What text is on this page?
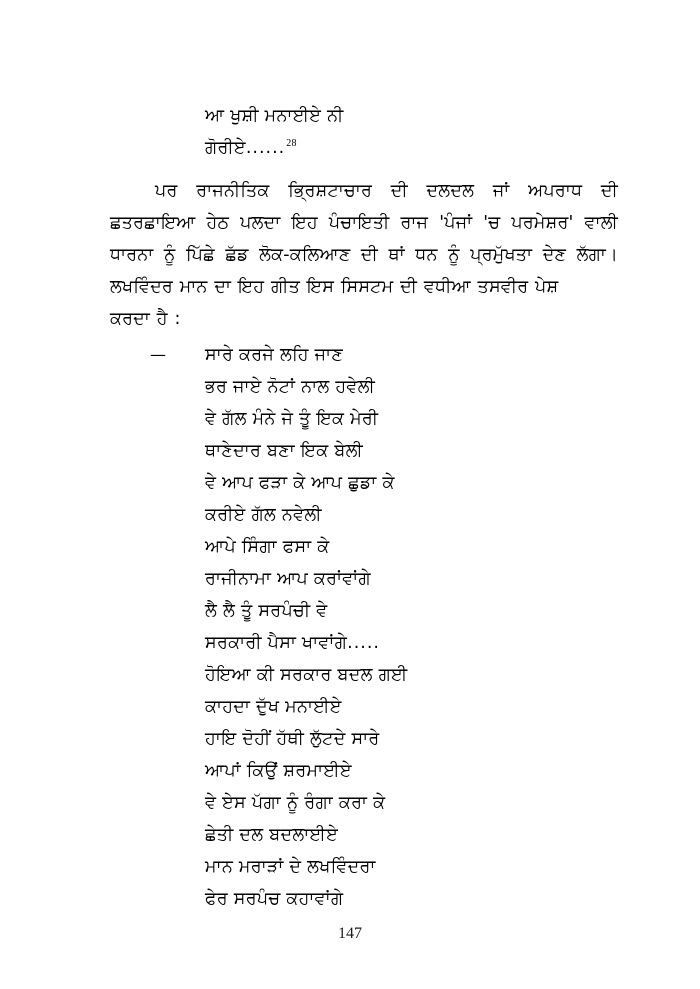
ਆ ਖੁਸ਼ੀ ਮਨਾਈਏ ਨੀ
ਗੋਰੀਏ......$^{28}$

ਪਰ ਰਾਜਨੀਤਿਕ ਭ੍ਰਿਸ਼ਟਾਚਾਰ ਦੀ ਦਲਦਲ ਜਾਂ ਅਪਰਾਧ ਦੀ ਛਤਰਛਾਇਆ ਹੇਠ ਪਲਦਾ ਇਹ ਪੰਚਾਇਤੀ ਰਾਜ 'ਪੰਜਾਂ 'ਚ ਪਰਮੇਸ਼ਰ' ਵਾਲੀ ਧਾਰਨਾ ਨੂੰ ਪਿੱਛੇ ਛੱਡ ਲੋਕ-ਕਲਿਆਣ ਦੀ ਥਾਂ ਧਨ ਨੂੰ ਪ੍ਰਮੁੱਖਤਾ ਦੇਣ ਲੱਗਾ। ਲਖਵਿੰਦਰ ਮਾਨ ਦਾ ਇਹ ਗੀਤ ਇਸ ਸਿਸਟਮ ਦੀ ਵਧੀਆ ਤਸਵੀਰ ਪੇਸ਼

ਕਰਦਾ ਹੈ :

— ਸਾਰੇ ਕਰਜੇ ਲਹਿ ਜਾਣ
ਭਰ ਜਾਏ ਨੋਟਾਂ ਨਾਲ ਹਵੇਲੀ
ਵੇ ਗੱਲ ਮੰਨੇ ਜੇ ਤੂੰ ਇਕ ਮੇਰੀ
ਥਾਣੇਦਾਰ ਬਣਾ ਇਕ ਬੇਲੀ
ਵੇ ਆਪ ਫੜਾ ਕੇ ਆਪ ਛੁਡਾ ਕੇ
ਕਰੀਏ ਗੱਲ ਨਵੇਲੀ
ਆਪੇ ਸਿੰਗਾ ਫਸਾ ਕੇ
ਰਾਜੀਨਾਮਾ ਆਪ ਕਰਾਂਵਾਂਗੇ
ਲੈ ਲੈ ਤੂੰ ਸਰਪੰਚੀ ਵੇ
ਸਰਕਾਰੀ ਪੈਸਾ ਖਾਵਾਂਗੇ.....
ਹੋਇਆ ਕੀ ਸਰਕਾਰ ਬਦਲ ਗਈ
ਕਾਹਦਾ ਦੁੱਖ ਮਨਾਈਏ
ਹਾਇ ਦੋਹੀਂ ਹੱਥੀ ਲੁੱਟਦੇ ਸਾਰੇ
ਆਪਾਂ ਕਿਉਂ ਸ਼ਰਮਾਈਏ
ਵੇ ਏਸ ਪੱਗਾ ਨੂੰ ਰੰਗਾ ਕਰਾ ਕੇ
ਛੇਤੀ ਦਲ ਬਦਲਾਈਏ
ਮਾਨ ਮਰਾੜਾਂ ਦੇ ਲਖਵਿੰਦਰਾ
ਫੇਰ ਸਰਪੰਚ ਕਹਾਵਾਂਗੇ
147
